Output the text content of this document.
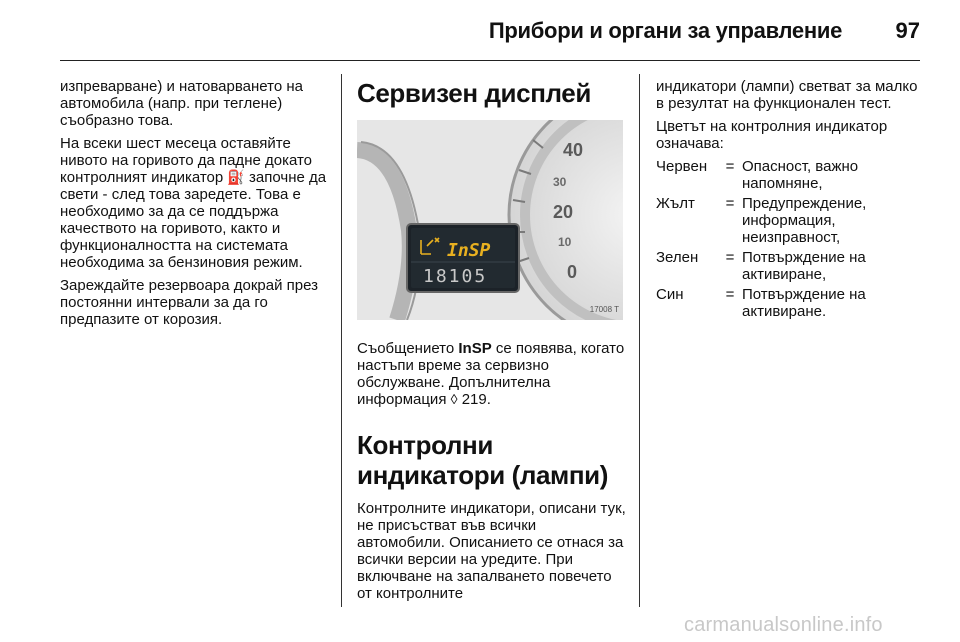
Прибори и органи за управление 97

изпреварване) и натоварването на автомобила (напр. при теглене) съобразно това.

На всеки шест месеца оставяйте нивото на горивото да падне докато контролният индикатор ⛽ започне да свети - след това заредете. Това е необходимо за да се поддържа качеството на горивото, както и функционалността на системата необходима за бензиновия режим.

Зареждайте резервоара докрай през постоянни интервали за да го предпазите от корозия.

Сервизен дисплей
40
30
20
10
0
InSP
18105
17008 T

Съобщението InSP се появява, когато настъпи време за сервизно обслужване. Допълнителна информация ◊ 219.

Контролни индикатори (лампи)

Контролните индикатори, описани тук, не присъстват във всички автомобили. Описанието се отнася за всички версии на уредите. При включване на запалването повечето от контролните

индикатори (лампи) светват за малко в резултат на функционален тест.

Цветът на контролния индикатор означава:

Червен	= Опасност, важно напомняне,
Жълт	= Предупреждение, информация, неизправност,
Зелен	= Потвърждение на активиране,
Син	= Потвърждение на активиране.
carmanualsonline.info
